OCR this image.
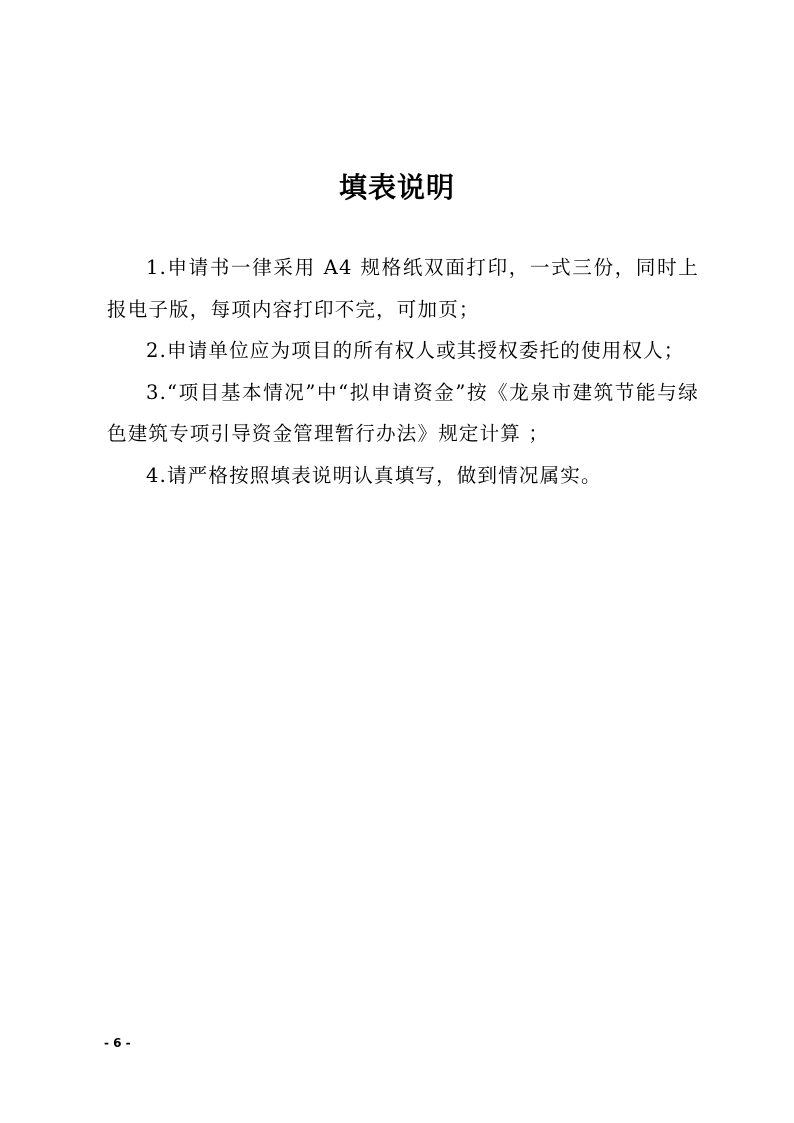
填表说明

1.申请书一律采用 A4 规格纸双面打印，一式三份，同时上报电子版，每项内容打印不完，可加页；

2.申请单位应为项目的所有权人或其授权委托的使用权人；

3.“项目基本情况”中“拟申请资金”按《龙泉市建筑节能与绿色建筑专项引导资金管理暂行办法》规定计算 ；

4.请严格按照填表说明认真填写，做到情况属实。

- 6 -
